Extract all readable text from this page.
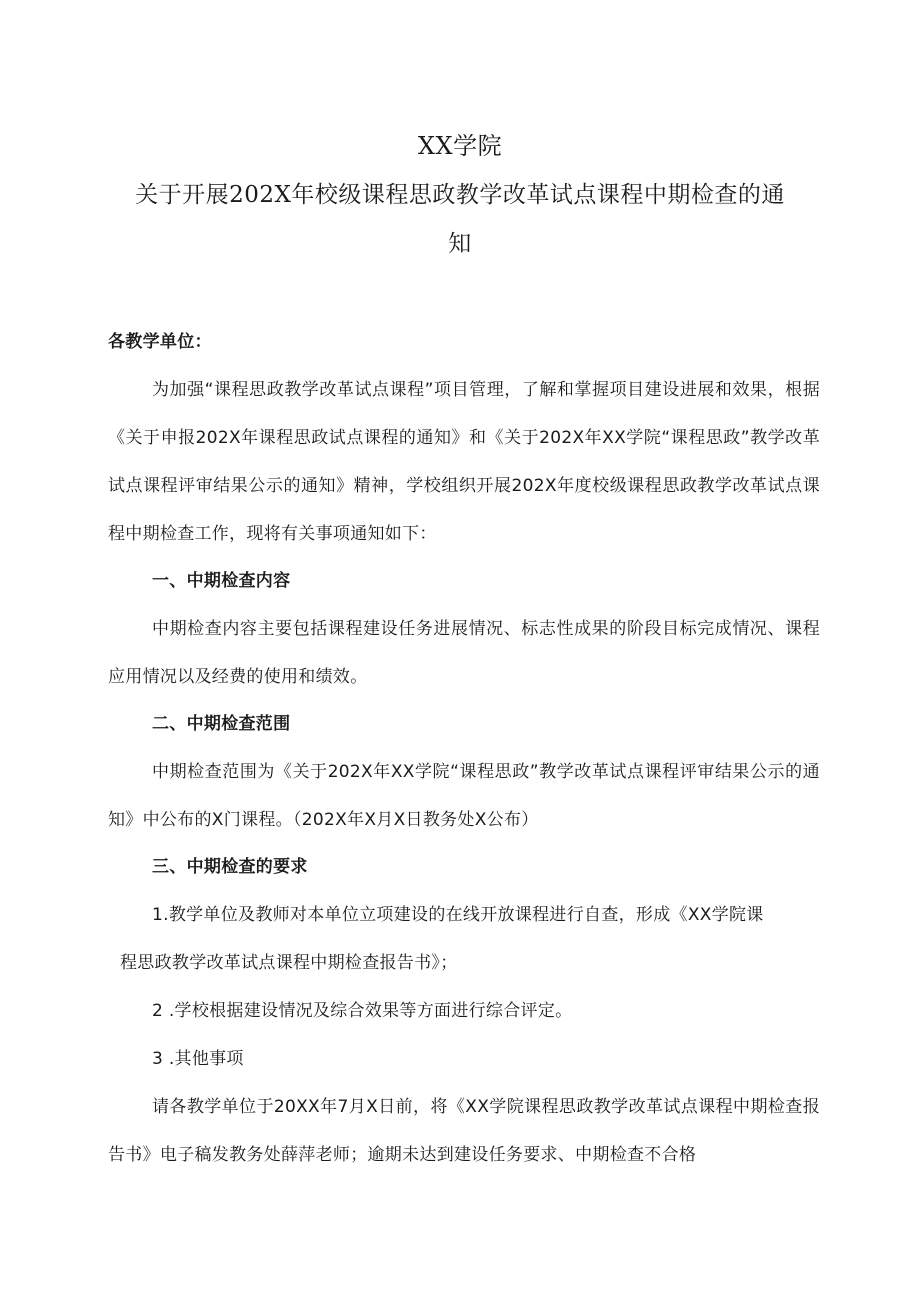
XX学院
关于开展202X年校级课程思政教学改革试点课程中期检查的通
知

各教学单位：

为加强“课程思政教学改革试点课程”项目管理，了解和掌握项目建设进展和效果，根据《关于申报202X年课程思政试点课程的通知》和《关于202X年XX学院“课程思政”教学改革试点课程评审结果公示的通知》精神，学校组织开展202X年度校级课程思政教学改革试点课程中期检查工作，现将有关事项通知如下：

一、中期检查内容

中期检查内容主要包括课程建设任务进展情况、标志性成果的阶段目标完成情况、课程应用情况以及经费的使用和绩效。

二、中期检查范围

中期检查范围为《关于202X年XX学院“课程思政”教学改革试点课程评审结果公示的通知》中公布的X门课程。（202X年X月X日教务处X公布）

三、中期检查的要求

1.教学单位及教师对本单位立项建设的在线开放课程进行自查，形成《XX学院课

程思政教学改革试点课程中期检查报告书》；

2 .学校根据建设情况及综合效果等方面进行综合评定。

3 .其他事项

请各教学单位于20XX年7月X日前，将《XX学院课程思政教学改革试点课程中期检查报告书》电子稿发教务处薛萍老师；逾期未达到建设任务要求、中期检查不合格
